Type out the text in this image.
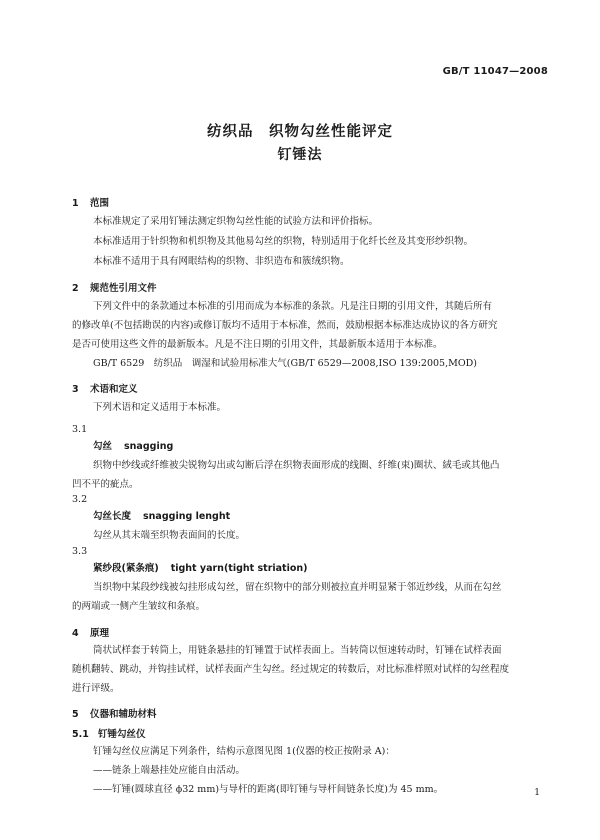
GB/T 11047—2008
纺织品　织物勾丝性能评定
钉锤法
1 范围
本标准规定了采用钉锤法测定织物勾丝性能的试验方法和评价指标。
本标准适用于针织物和机织物及其他易勾丝的织物，特别适用于化纤长丝及其变形纱织物。
本标准不适用于具有网眼结构的织物、非织造布和簇绒织物。
2 规范性引用文件
下列文件中的条款通过本标准的引用而成为本标准的条款。凡是注日期的引用文件，其随后所有
的修改单(不包括勘误的内容)或修订版均不适用于本标准，然而，鼓励根据本标准达成协议的各方研究
是否可使用这些文件的最新版本。凡是不注日期的引用文件，其最新版本适用于本标准。
GB/T 6529　纺织品　调湿和试验用标准大气(GB/T 6529—2008,ISO 139:2005,MOD)
3 术语和定义
下列术语和定义适用于本标准。
3.1
勾丝 snagging
织物中纱线或纤维被尖锐物勾出或勾断后浮在织物表面形成的线圈、纤维(束)圈状、絨毛或其他凸
凹不平的疵点。
3.2
勾丝长度 snagging lenght
勾丝从其末端至织物表面间的长度。
3.3
紧纱段(紧条痕) tight yarn(tight striation)
当织物中某段纱线被勾挂形成勾丝，留在织物中的部分则被拉直并明显紧于邻近纱线，从而在勾丝
的两端或一侧产生皱纹和条痕。
4 原理
筒状试样套于转筒上，用链条悬挂的钉锤置于试样表面上。当转筒以恒速转动时，钉锤在试样表面
随机翻转、跳动，并钩挂试样，试样表面产生勾丝。经过规定的转数后，对比标准样照对试样的勾丝程度
进行评级。
5 仪器和辅助材料
5.1 钉锤勾丝仪
钉锤勾丝仪应满足下列条件，结构示意图见图 1(仪器的校正按附录 A)：
——链条上端悬挂处应能自由活动。
——钉锤(圆球直径 ϕ32 mm)与导杆的距离(即钉锤与导杆间链条长度)为 45 mm。	1
